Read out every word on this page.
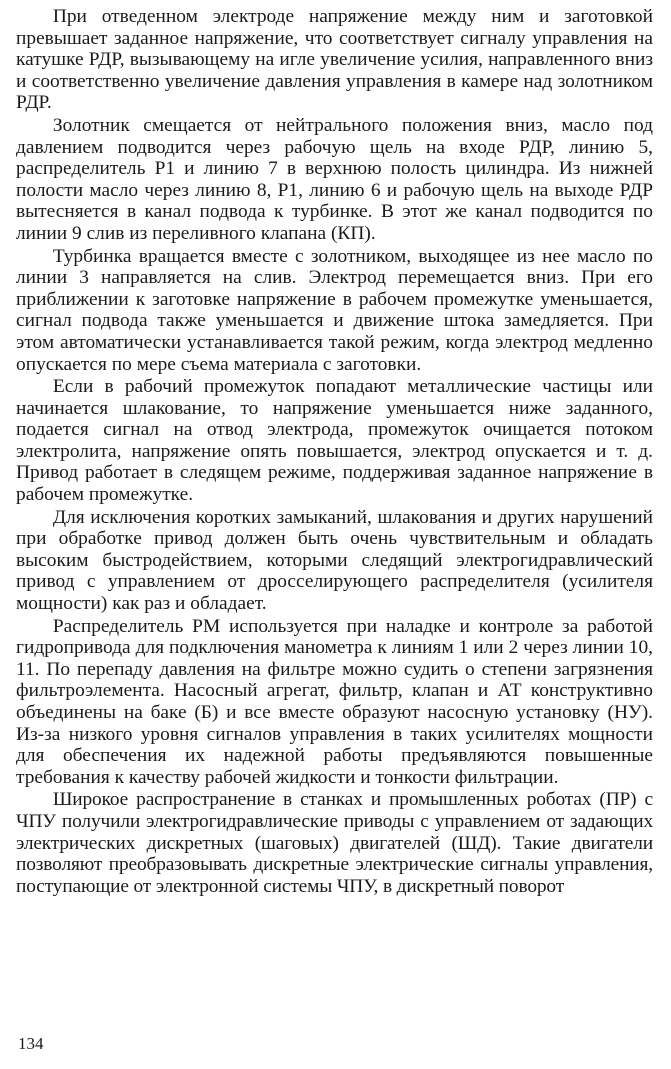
При отведенном электроде напряжение между ним и заготовкой превышает заданное напряжение, что соответствует сигналу управления на катушке РДР, вызывающему на игле увеличение усилия, направленного вниз и соответственно увеличение давления управления в камере над золотником РДР.

Золотник смещается от нейтрального положения вниз, масло под давлением подводится через рабочую щель на входе РДР, линию 5, распределитель Р1 и линию 7 в верхнюю полость цилиндра. Из нижней полости масло через линию 8, Р1, линию 6 и рабочую щель на выходе РДР вытесняется в канал подвода к турбинке. В этот же канал подводится по линии 9 слив из переливного клапана (КП).

Турбинка вращается вместе с золотником, выходящее из нее масло по линии 3 направляется на слив. Электрод перемещается вниз. При его приближении к заготовке напряжение в рабочем промежутке уменьшается, сигнал подвода также уменьшается и движение штока замедляется. При этом автоматически устанавливается такой режим, когда электрод медленно опускается по мере съема материала с заготовки.

Если в рабочий промежуток попадают металлические частицы или начинается шлакование, то напряжение уменьшается ниже заданного, подается сигнал на отвод электрода, промежуток очищается потоком электролита, напряжение опять повышается, электрод опускается и т. д. Привод работает в следящем режиме, поддерживая заданное напряжение в рабочем промежутке.

Для исключения коротких замыканий, шлакования и других нарушений при обработке привод должен быть очень чувствительным и обладать высоким быстродействием, которыми следящий электрогидравлический привод с управлением от дросселирующего распределителя (усилителя мощности) как раз и обладает.

Распределитель РМ используется при наладке и контроле за работой гидропривода для подключения манометра к линиям 1 или 2 через линии 10, 11. По перепаду давления на фильтре можно судить о степени загрязнения фильтроэлемента. Насосный агрегат, фильтр, клапан и АТ конструктивно объединены на баке (Б) и все вместе образуют насосную установку (НУ). Из-за низкого уровня сигналов управления в таких усилителях мощности для обеспечения их надежной работы предъявляются повышенные требования к качеству рабочей жидкости и тонкости фильтрации.

Широкое распространение в станках и промышленных роботах (ПР) с ЧПУ получили электрогидравлические приводы с управлением от задающих электрических дискретных (шаговых) двигателей (ШД). Такие двигатели позволяют преобразовывать дискретные электрические сигналы управления, поступающие от электронной системы ЧПУ, в дискретный поворот

134
